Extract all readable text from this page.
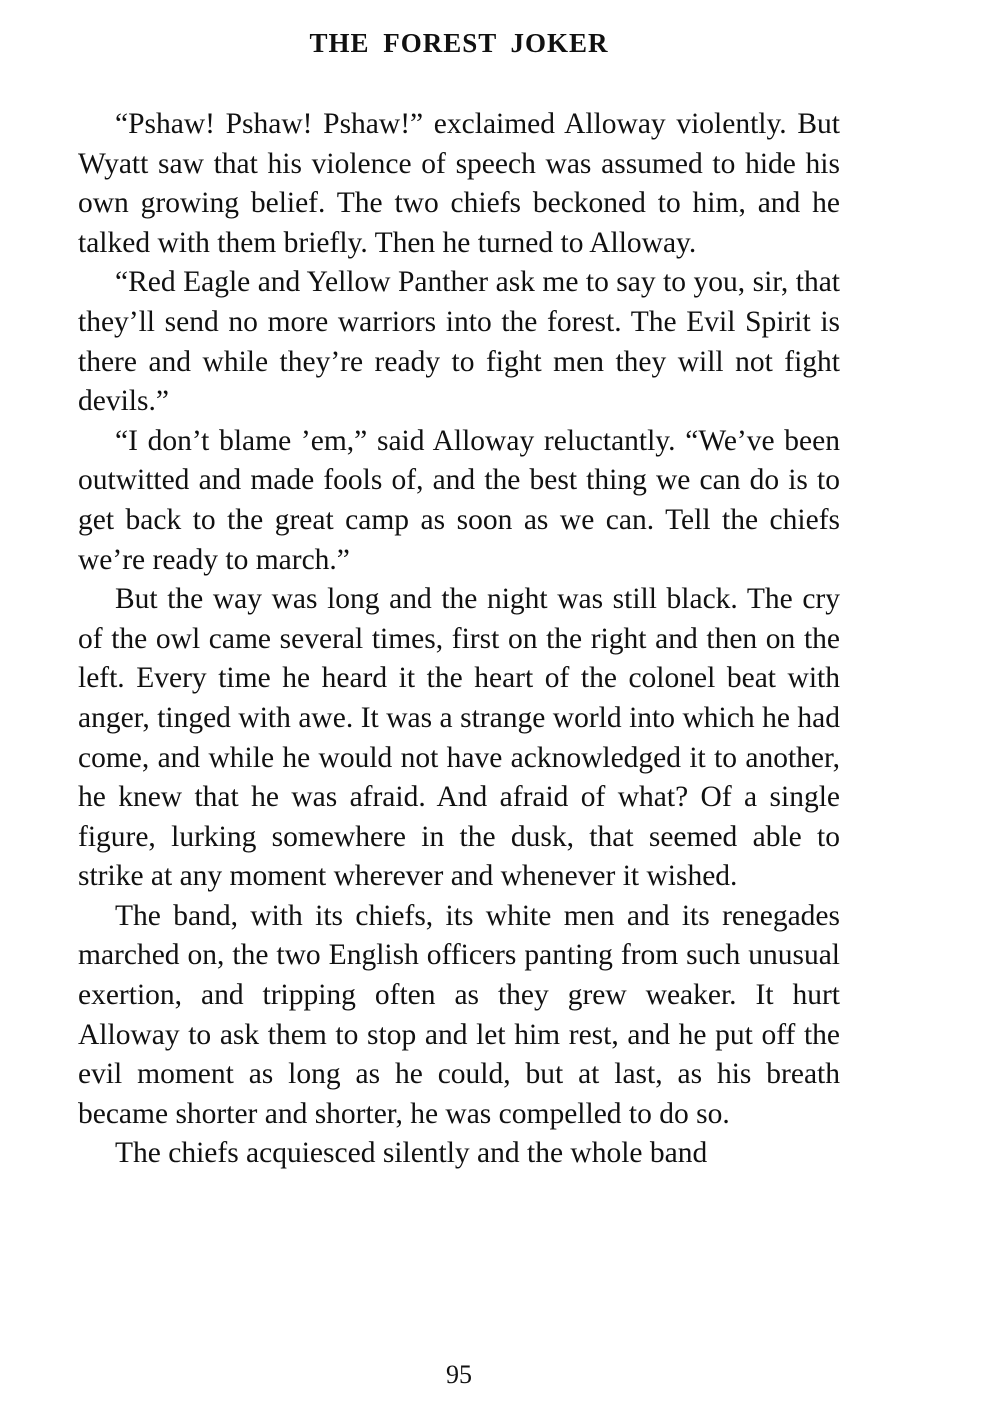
THE FOREST JOKER

“Pshaw! Pshaw! Pshaw!” exclaimed Alloway violently. But Wyatt saw that his violence of speech was assumed to hide his own growing belief. The two chiefs beckoned to him, and he talked with them briefly. Then he turned to Alloway.

“Red Eagle and Yellow Panther ask me to say to you, sir, that they’ll send no more warriors into the forest. The Evil Spirit is there and while they’re ready to fight men they will not fight devils.”

“I don’t blame ’em,” said Alloway reluctantly. “We’ve been outwitted and made fools of, and the best thing we can do is to get back to the great camp as soon as we can. Tell the chiefs we’re ready to march.”

But the way was long and the night was still black. The cry of the owl came several times, first on the right and then on the left. Every time he heard it the heart of the colonel beat with anger, tinged with awe. It was a strange world into which he had come, and while he would not have acknowledged it to another, he knew that he was afraid. And afraid of what? Of a single figure, lurking somewhere in the dusk, that seemed able to strike at any moment wherever and whenever it wished.

The band, with its chiefs, its white men and its renegades marched on, the two English officers panting from such unusual exertion, and tripping often as they grew weaker. It hurt Alloway to ask them to stop and let him rest, and he put off the evil moment as long as he could, but at last, as his breath became shorter and shorter, he was compelled to do so.

The chiefs acquiesced silently and the whole band

95
